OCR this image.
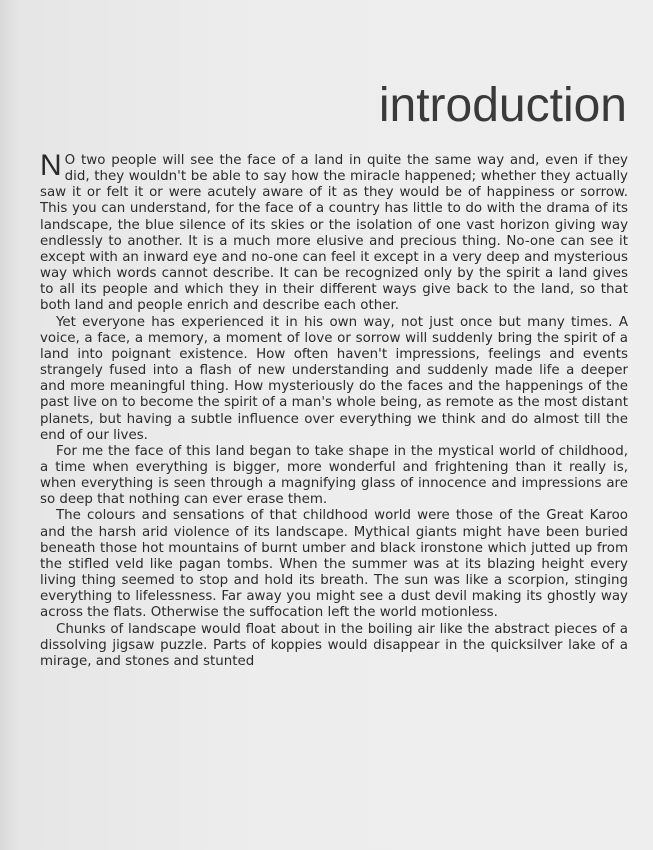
introduction

N O two people will see the face of a land in quite the same way and, even if they did, they wouldn't be able to say how the miracle happened; whether they actually saw it or felt it or were acutely aware of it as they would be of happiness or sorrow. This you can understand, for the face of a country has little to do with the drama of its landscape, the blue silence of its skies or the isolation of one vast horizon giving way endlessly to another. It is a much more elusive and precious thing. No-one can see it except with an inward eye and no-one can feel it except in a very deep and mysterious way which words cannot describe. It can be recognized only by the spirit a land gives to all its people and which they in their different ways give back to the land, so that both land and people enrich and describe each other.

Yet everyone has experienced it in his own way, not just once but many times. A voice, a face, a memory, a moment of love or sorrow will suddenly bring the spirit of a land into poignant existence. How often haven't impressions, feelings and events strangely fused into a flash of new understanding and suddenly made life a deeper and more meaningful thing. How mysteriously do the faces and the happenings of the past live on to become the spirit of a man's whole being, as remote as the most distant planets, but having a subtle influence over everything we think and do almost till the end of our lives.

For me the face of this land began to take shape in the mystical world of childhood, a time when everything is bigger, more wonderful and frightening than it really is, when everything is seen through a magnifying glass of innocence and impressions are so deep that nothing can ever erase them.

The colours and sensations of that childhood world were those of the Great Karoo and the harsh arid violence of its landscape. Mythical giants might have been buried beneath those hot mountains of burnt umber and black ironstone which jutted up from the stifled veld like pagan tombs. When the summer was at its blazing height every living thing seemed to stop and hold its breath. The sun was like a scorpion, stinging everything to lifelessness. Far away you might see a dust devil making its ghostly way across the flats. Otherwise the suffocation left the world motionless.

Chunks of landscape would float about in the boiling air like the abstract pieces of a dissolving jigsaw puzzle. Parts of koppies would disappear in the quicksilver lake of a mirage, and stones and stunted
